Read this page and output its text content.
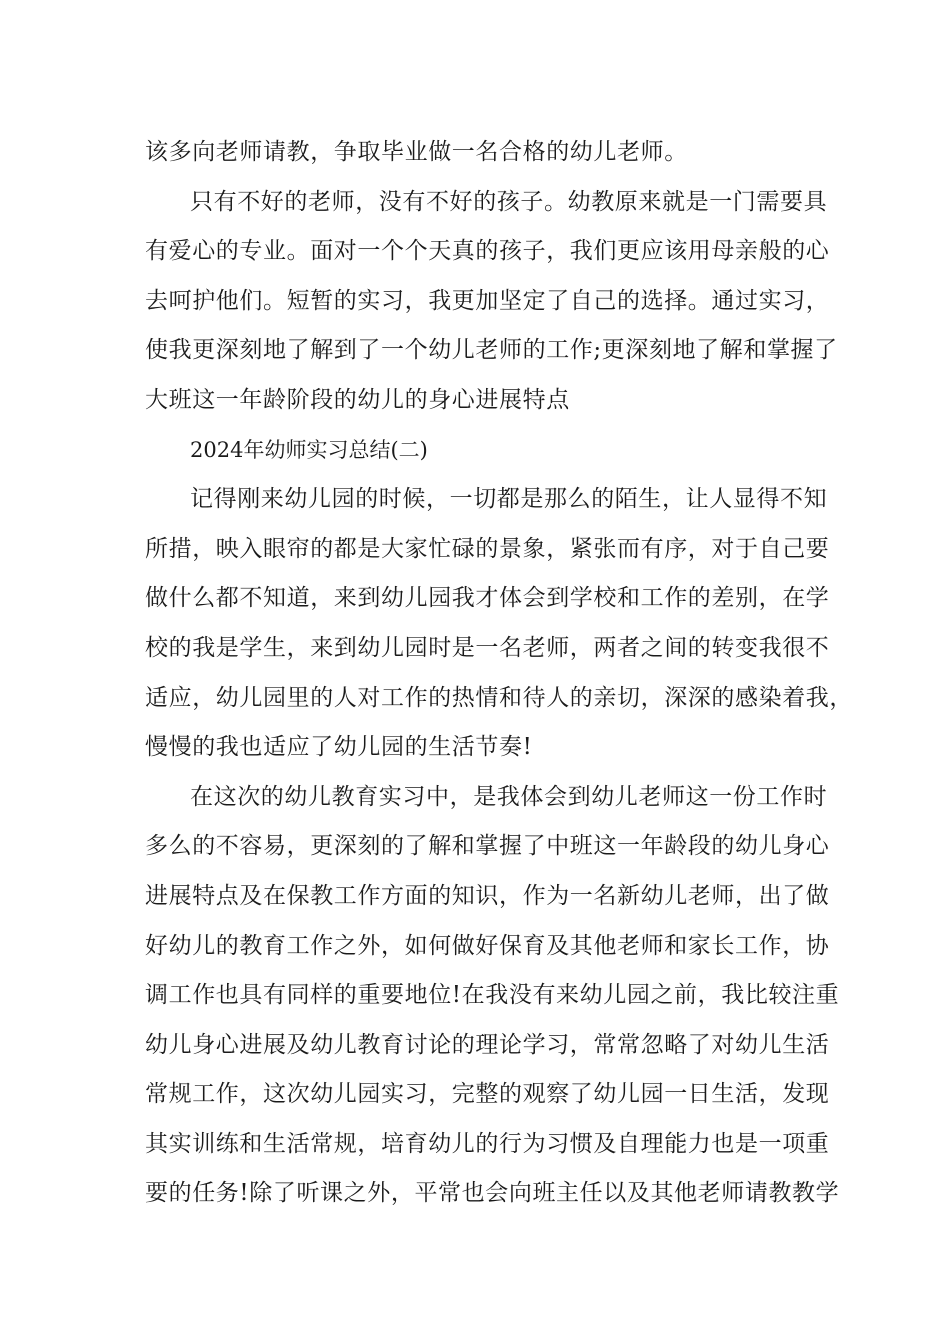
该多向老师请教，争取毕业做一名合格的幼儿老师。
只有不好的老师，没有不好的孩子。幼教原来就是一门需要具
有爱心的专业。面对一个个天真的孩子，我们更应该用母亲般的心
去呵护他们。短暂的实习，我更加坚定了自己的选择。通过实习，
使我更深刻地了解到了一个幼儿老师的工作;更深刻地了解和掌握了
大班这一年龄阶段的幼儿的身心进展特点
2024年幼师实习总结(二)
记得刚来幼儿园的时候，一切都是那么的陌生，让人显得不知
所措，映入眼帘的都是大家忙碌的景象，紧张而有序，对于自己要
做什么都不知道，来到幼儿园我才体会到学校和工作的差别，在学
校的我是学生，来到幼儿园时是一名老师，两者之间的转变我很不
适应，幼儿园里的人对工作的热情和待人的亲切，深深的感染着我，
慢慢的我也适应了幼儿园的生活节奏!
在这次的幼儿教育实习中，是我体会到幼儿老师这一份工作时
多么的不容易，更深刻的了解和掌握了中班这一年龄段的幼儿身心
进展特点及在保教工作方面的知识，作为一名新幼儿老师，出了做
好幼儿的教育工作之外，如何做好保育及其他老师和家长工作，协
调工作也具有同样的重要地位!在我没有来幼儿园之前，我比较注重
幼儿身心进展及幼儿教育讨论的理论学习，常常忽略了对幼儿生活
常规工作，这次幼儿园实习，完整的观察了幼儿园一日生活，发现
其实训练和生活常规，培育幼儿的行为习惯及自理能力也是一项重
要的任务!除了听课之外，平常也会向班主任以及其他老师请教教学
